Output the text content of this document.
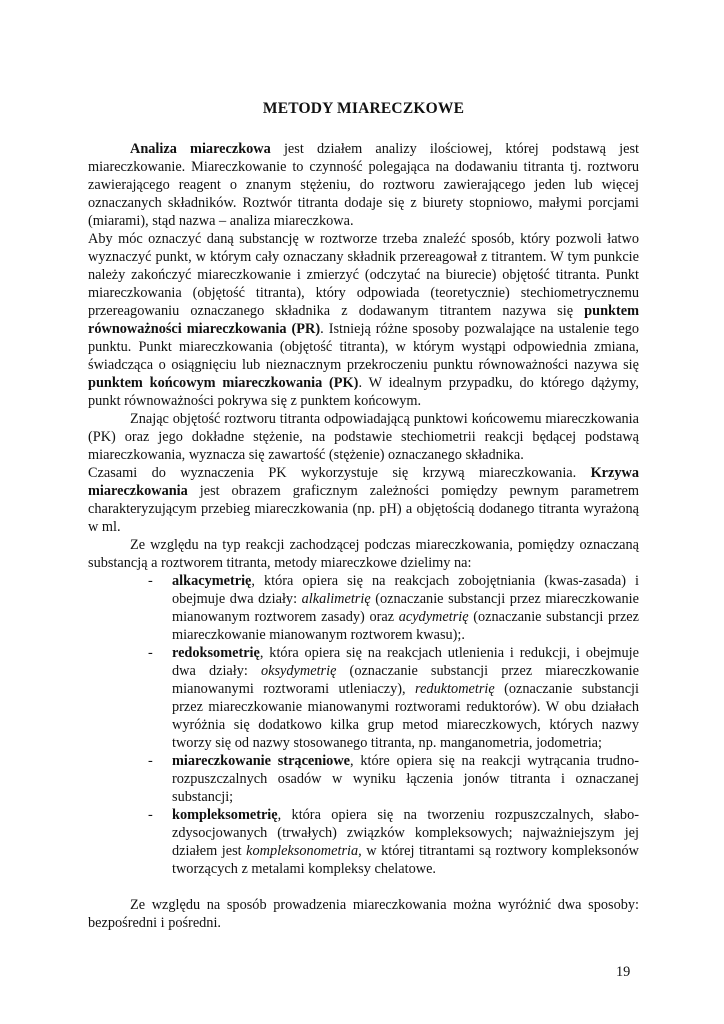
METODY MIARECZKOWE

Analiza miareczkowa jest działem analizy ilościowej, której podstawą jest miareczkowanie. Miareczkowanie to czynność polegająca na dodawaniu titranta tj. roztworu zawierającego reagent o znanym stężeniu, do roztworu zawierającego jeden lub więcej oznaczanych składników. Roztwór titranta dodaje się z biurety stopniowo, małymi porcjami (miarami), stąd nazwa – analiza miareczkowa.

Aby móc oznaczyć daną substancję w roztworze trzeba znaleźć sposób, który pozwoli łatwo wyznaczyć punkt, w którym cały oznaczany składnik przereagował z titrantem. W tym punkcie należy zakończyć miareczkowanie i zmierzyć (odczytać na biurecie) objętość titranta. Punkt miareczkowania (objętość titranta), który odpowiada (teoretycznie) stechiometrycznemu przereagowaniu oznaczanego składnika z dodawanym titrantem nazywa się punktem równoważności miareczkowania (PR). Istnieją różne sposoby pozwalające na ustalenie tego punktu. Punkt miareczkowania (objętość titranta), w którym wystąpi odpowiednia zmiana, świadcząca o osiągnięciu lub nieznacznym przekroczeniu punktu równoważności nazywa się punktem końcowym miareczkowania (PK). W idealnym przypadku, do którego dążymy, punkt równoważności pokrywa się z punktem końcowym.

Znając objętość roztworu titranta odpowiadającą punktowi końcowemu miareczkowania (PK) oraz jego dokładne stężenie, na podstawie stechiometrii reakcji będącej podstawą miareczkowania, wyznacza się zawartość (stężenie) oznaczanego składnika.

Czasami do wyznaczenia PK wykorzystuje się krzywą miareczkowania. Krzywa miareczkowania jest obrazem graficznym zależności pomiędzy pewnym parametrem charakteryzującym przebieg miareczkowania (np. pH) a objętością dodanego titranta wyrażoną w ml.

Ze względu na typ reakcji zachodzącej podczas miareczkowania, pomiędzy oznaczaną substancją a roztworem titranta, metody miareczkowe dzielimy na:

- alkacymetrię, która opiera się na reakcjach zobojętniania (kwas-zasada) i obejmuje dwa działy: alkalimetrię (oznaczanie substancji przez miareczkowanie mianowanym roztworem zasady) oraz acydymetrię (oznaczanie substancji przez miareczkowanie mianowanym roztworem kwasu);.
- redoksometrię, która opiera się na reakcjach utlenienia i redukcji, i obejmuje dwa działy: oksydymetrię (oznaczanie substancji przez miareczkowanie mianowanymi roztworami utleniaczy), reduktometrię (oznaczanie substancji przez miareczkowanie mianowanymi roztworami reduktorów). W obu działach wyróżnia się dodatkowo kilka grup metod miareczkowych, których nazwy tworzy się od nazwy stosowanego titranta, np. manganometria, jodometria;
- miareczkowanie strąceniowe, które opiera się na reakcji wytrącania trudno-rozpuszczalnych osadów w wyniku łączenia jonów titranta i oznaczanej substancji;
- kompleksometrię, która opiera się na tworzeniu rozpuszczalnych, słabo-zdysocjowanych (trwałych) związków kompleksowych; najważniejszym jej działem jest kompleksonometria, w której titrantami są roztwory kompleksonów tworzących z metalami kompleksy chelatowe.

Ze względu na sposób prowadzenia miareczkowania można wyróżnić dwa sposoby: bezpośredni i pośredni.

19
